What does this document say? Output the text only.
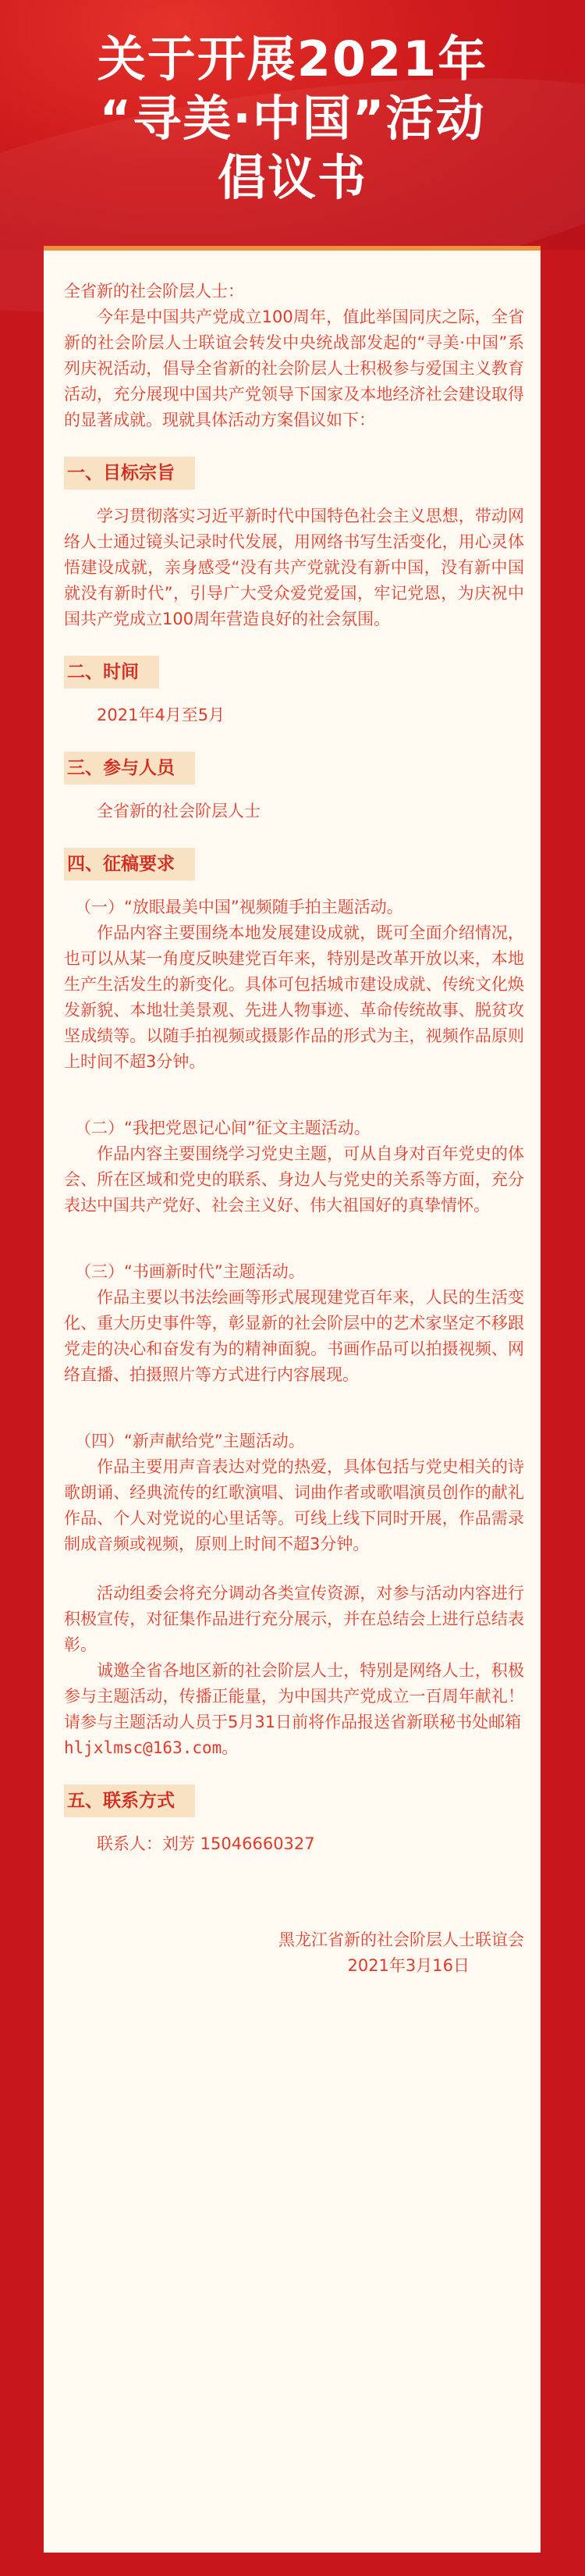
关于开展2021年
“寻美·中国”活动
倡议书

全省新的社会阶层人士：

今年是中国共产党成立100周年，值此举国同庆之际，全省新的社会阶层人士联谊会转发中央统战部发起的“寻美·中国”系列庆祝活动，倡导全省新的社会阶层人士积极参与爱国主义教育活动，充分展现中国共产党领导下国家及本地经济社会建设取得的显著成就。现就具体活动方案倡议如下：

一、目标宗旨

学习贯彻落实习近平新时代中国特色社会主义思想，带动网络人士通过镜头记录时代发展，用网络书写生活变化，用心灵体悟建设成就，亲身感受“没有共产党就没有新中国，没有新中国就没有新时代”，引导广大受众爱党爱国，牢记党恩，为庆祝中国共产党成立100周年营造良好的社会氛围。

二、时间

2021年4月至5月

三、参与人员

全省新的社会阶层人士

四、征稿要求

（一）“放眼最美中国”视频随手拍主题活动。

作品内容主要围绕本地发展建设成就，既可全面介绍情况，也可以从某一角度反映建党百年来，特别是改革开放以来，本地生产生活发生的新变化。具体可包括城市建设成就、传统文化焕发新貌、本地壮美景观、先进人物事迹、革命传统故事、脱贫攻坚成绩等。以随手拍视频或摄影作品的形式为主，视频作品原则上时间不超3分钟。

（二）“我把党恩记心间”征文主题活动。

作品内容主要围绕学习党史主题，可从自身对百年党史的体会、所在区域和党史的联系、身边人与党史的关系等方面，充分表达中国共产党好、社会主义好、伟大祖国好的真挚情怀。

（三）“书画新时代”主题活动。

作品主要以书法绘画等形式展现建党百年来，人民的生活变化、重大历史事件等，彰显新的社会阶层中的艺术家坚定不移跟党走的决心和奋发有为的精神面貌。书画作品可以拍摄视频、网络直播、拍摄照片等方式进行内容展现。

（四）“新声献给党”主题活动。

作品主要用声音表达对党的热爱，具体包括与党史相关的诗歌朗诵、经典流传的红歌演唱、词曲作者或歌唱演员创作的献礼作品、个人对党说的心里话等。可线上线下同时开展，作品需录制成音频或视频，原则上时间不超3分钟。

活动组委会将充分调动各类宣传资源，对参与活动内容进行积极宣传，对征集作品进行充分展示，并在总结会上进行总结表彰。

诚邀全省各地区新的社会阶层人士，特别是网络人士，积极参与主题活动，传播正能量，为中国共产党成立一百周年献礼！请参与主题活动人员于5月31日前将作品报送省新联秘书处邮箱

hljxlmsc@163.com。

五、联系方式

联系人：刘芳 15046660327

黑龙江省新的社会阶层人士联谊会

2021年3月16日
